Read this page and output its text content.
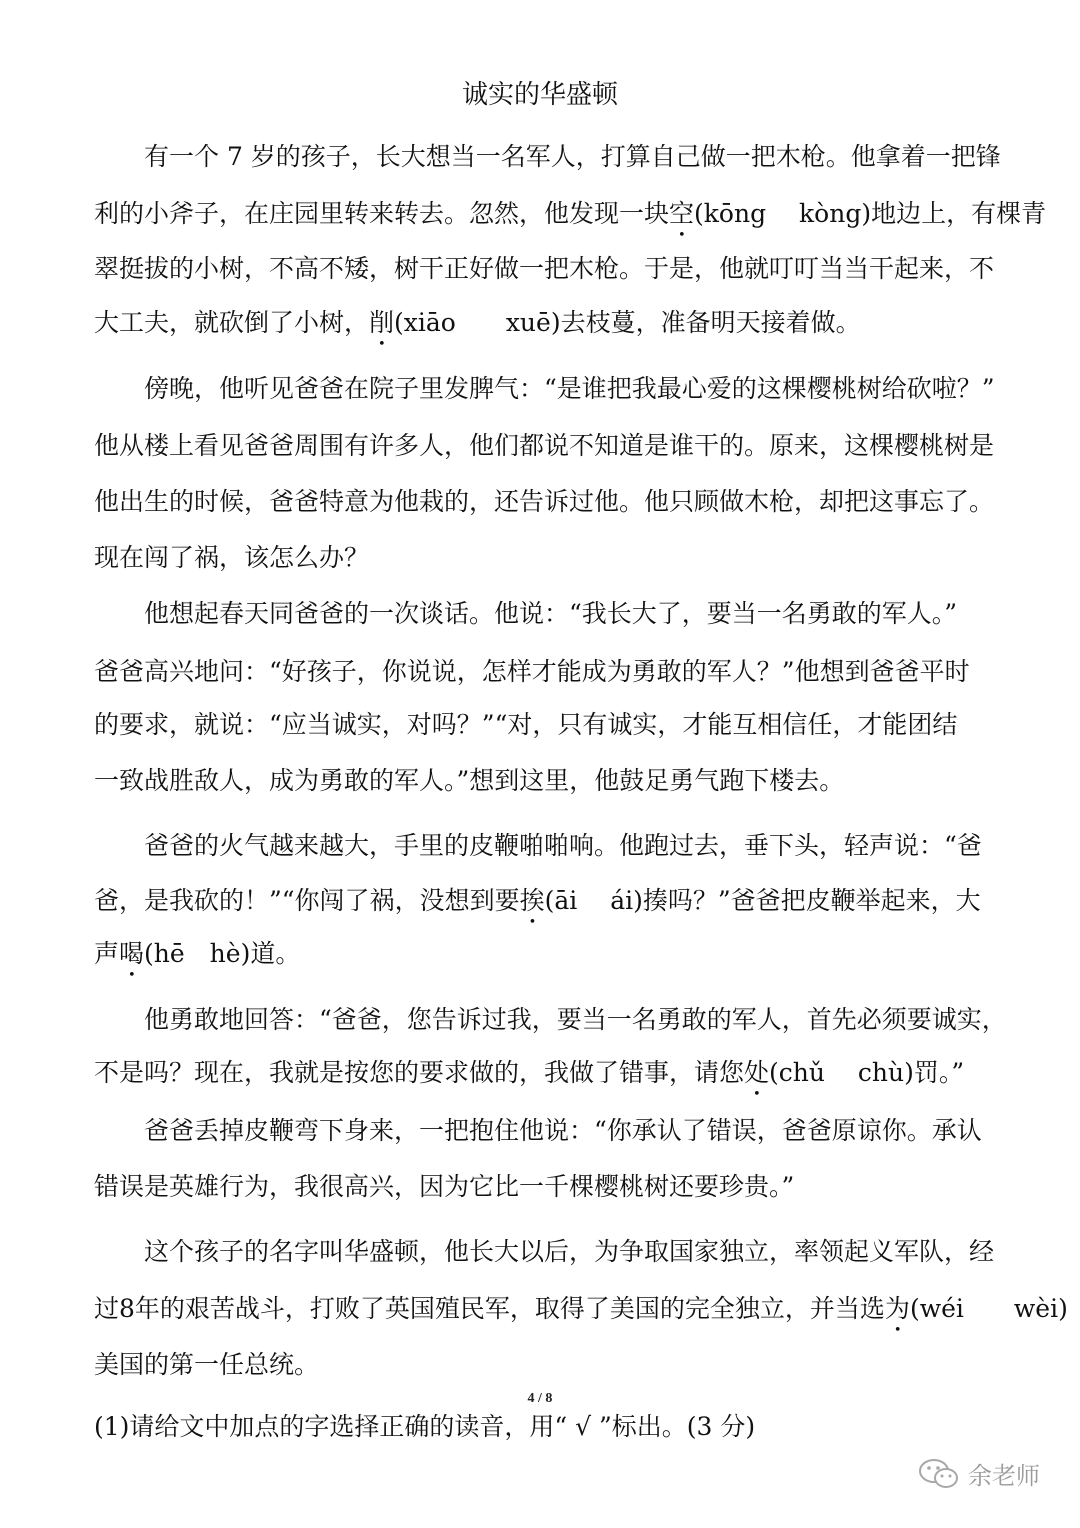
诚实的华盛顿
有一个 7 岁的孩子，长大想当一名军人，打算自己做一把木枪。他拿着一把锋
利的小斧子，在庄园里转来转去。忽然，他发现一块空(kōng　 kòng)地边上，有棵青
翠挺拔的小树，不高不矮，树干正好做一把木枪。于是，他就叮叮当当干起来，不
大工夫，就砍倒了小树，削(xiāo　　xuē)去枝蔓，准备明天接着做。
傍晚，他听见爸爸在院子里发脾气：“是谁把我最心爱的这棵樱桃树给砍啦？”
他从楼上看见爸爸周围有许多人，他们都说不知道是谁干的。原来，这棵樱桃树是
他出生的时候，爸爸特意为他栽的，还告诉过他。他只顾做木枪，却把这事忘了。
现在闯了祸，该怎么办？
他想起春天同爸爸的一次谈话。他说：“我长大了，要当一名勇敢的军人。”
爸爸高兴地问：“好孩子，你说说，怎样才能成为勇敢的军人？”他想到爸爸平时
的要求，就说：“应当诚实，对吗？”“对，只有诚实，才能互相信任，才能团结
一致战胜敌人，成为勇敢的军人。”想到这里，他鼓足勇气跑下楼去。
爸爸的火气越来越大，手里的皮鞭啪啪响。他跑过去，垂下头，轻声说：“爸
爸，是我砍的！”“你闯了祸，没想到要挨(āi　 ái)揍吗？”爸爸把皮鞭举起来，大
声喝(hē　hè)道。
他勇敢地回答：“爸爸，您告诉过我，要当一名勇敢的军人，首先必须要诚实，
不是吗？现在，我就是按您的要求做的，我做了错事，请您处(chǔ　 chù)罚。”
爸爸丢掉皮鞭弯下身来，一把抱住他说：“你承认了错误，爸爸原谅你。承认
错误是英雄行为，我很高兴，因为它比一千棵樱桃树还要珍贵。”
这个孩子的名字叫华盛顿，他长大以后，为争取国家独立，率领起义军队，经
过8年的艰苦战斗，打败了英国殖民军，取得了美国的完全独立，并当选为(wéi　　wèi)
美国的第一任总统。
(1)请给文中加点的字选择正确的读音，用“ √ ”标出。(3 分)
4 / 8
余老师
